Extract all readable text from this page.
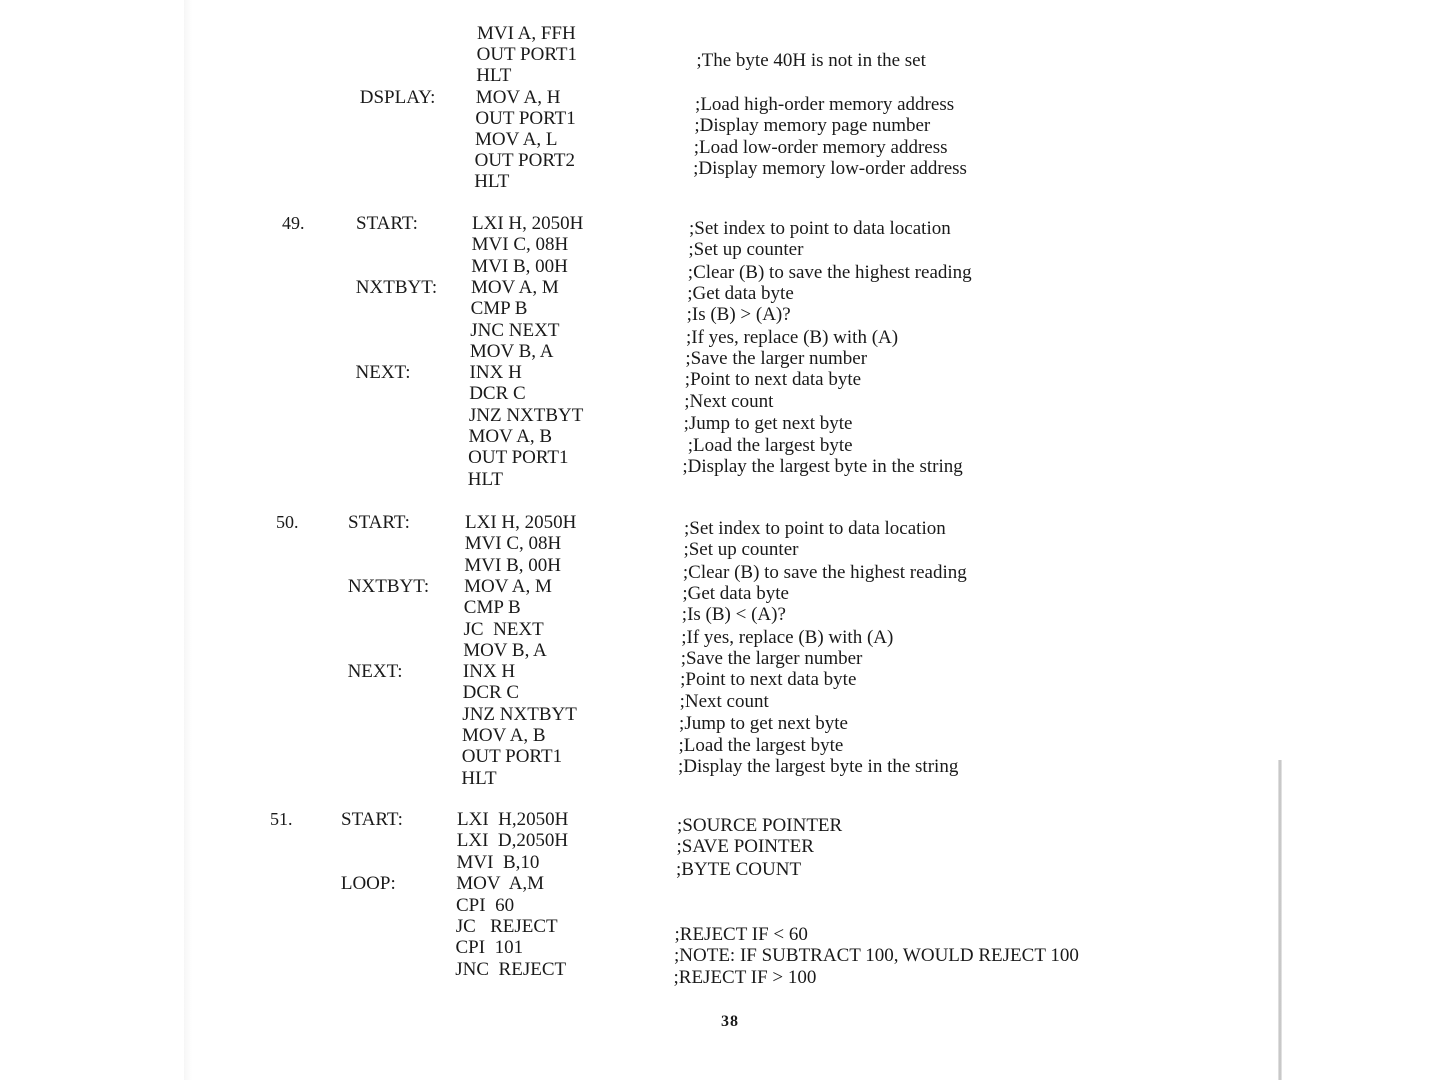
MVI A, FFH
OUT PORT1	;The byte 40H is not in the set
HLT
DSPLAY: MOV A, H	;Load high-order memory address
OUT PORT1	;Display memory page number
MOV A, L	;Load low-order memory address
OUT PORT2	;Display memory low-order address
HLT
49.	START:	LXI H, 2050H	;Set index to point to data location
MVI C, 08H	;Set up counter
MVI B, 00H	;Clear (B) to save the highest reading
NXTBYT: MOV A, M	;Get data byte
CMP B	;Is (B) > (A)?
JNC NEXT	;If yes, replace (B) with (A)
MOV B, A	;Save the larger number
NEXT:	INX H	;Point to next data byte
DCR C	;Next count
JNZ NXTBYT	;Jump to get next byte
MOV A, B	;Load the largest byte
OUT PORT1	;Display the largest byte in the string
HLT
50.	START:	LXI H, 2050H	;Set index to point to data location
MVI C, 08H	;Set up counter
MVI B, 00H	;Clear (B) to save the highest reading
NXTBYT: MOV A, M	;Get data byte
CMP B	;Is (B) < (A)?
JC  NEXT	;If yes, replace (B) with (A)
MOV B, A	;Save the larger number
NEXT:	INX H	;Point to next data byte
DCR C	;Next count
JNZ NXTBYT	;Jump to get next byte
MOV A, B	;Load the largest byte
OUT PORT1	;Display the largest byte in the string
HLT
51.	START:	LXI  H,2050H	;SOURCE POINTER
LXI  D,2050H	;SAVE POINTER
MVI  B,10	;BYTE COUNT
LOOP:	MOV  A,M
CPI  60
JC   REJECT	;REJECT IF < 60
CPI  101	;NOTE: IF SUBTRACT 100, WOULD REJECT 100
JNC  REJECT	;REJECT IF > 100
38
